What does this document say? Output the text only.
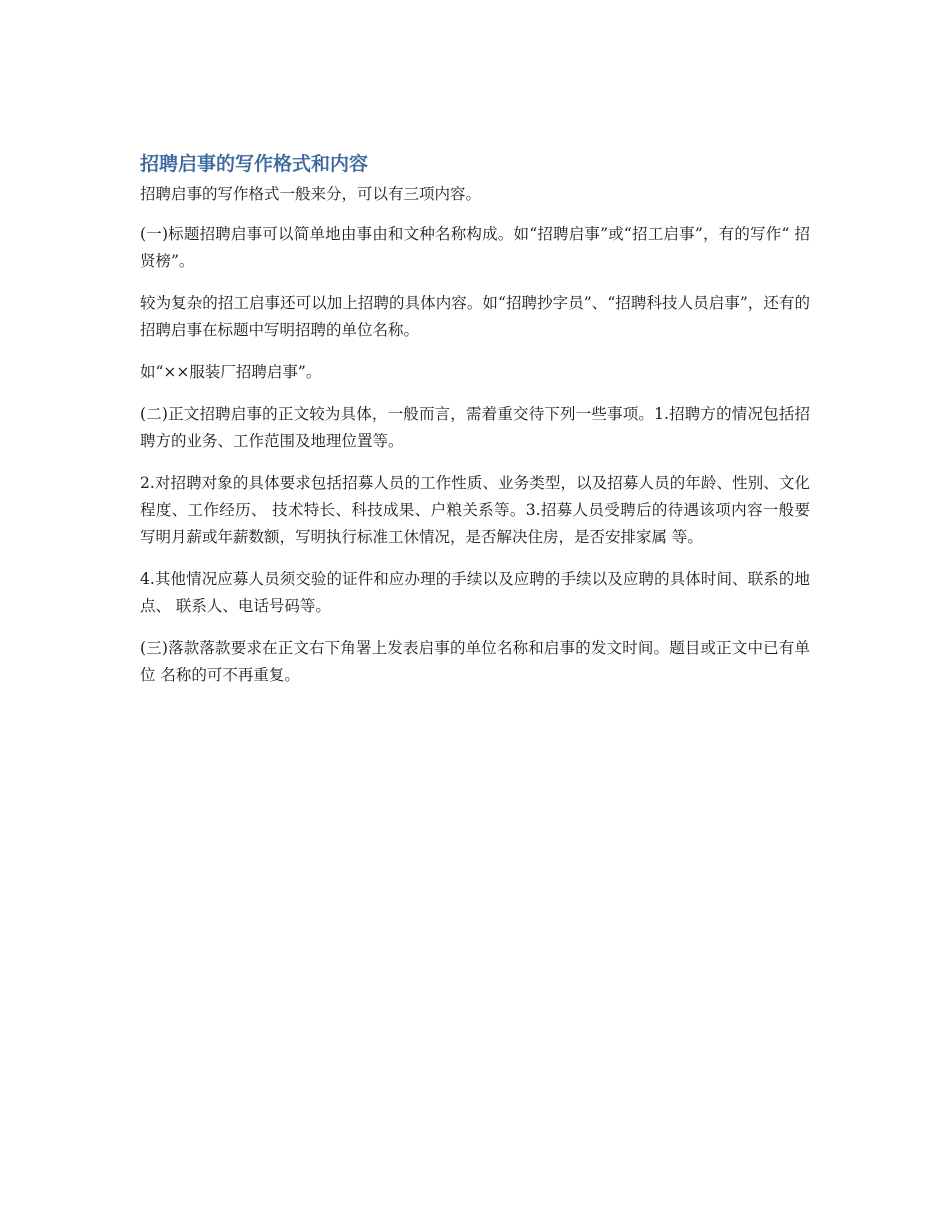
招聘启事的写作格式和内容

招聘启事的写作格式一般来分，可以有三项内容。

(一)标题招聘启事可以简单地由事由和文种名称构成。如“招聘启事”或“招工启事”，有的写作“ 招贤榜”。

较为复杂的招工启事还可以加上招聘的具体内容。如“招聘抄字员”、“招聘科技人员启事”，还有的招聘启事在标题中写明招聘的单位名称。

如“××服装厂招聘启事”。

(二)正文招聘启事的正文较为具体，一般而言，需着重交待下列一些事项。1.招聘方的情况包括招聘方的业务、工作范围及地理位置等。

2.对招聘对象的具体要求包括招募人员的工作性质、业务类型，以及招募人员的年龄、性别、文化程度、工作经历、 技术特长、科技成果、户粮关系等。3.招募人员受聘后的待遇该项内容一般要写明月薪或年薪数额，写明执行标准工休情况，是否解决住房，是否安排家属 等。

4.其他情况应募人员须交验的证件和应办理的手续以及应聘的手续以及应聘的具体时间、联系的地点、 联系人、电话号码等。

(三)落款落款要求在正文右下角署上发表启事的单位名称和启事的发文时间。题目或正文中已有单位 名称的可不再重复。
